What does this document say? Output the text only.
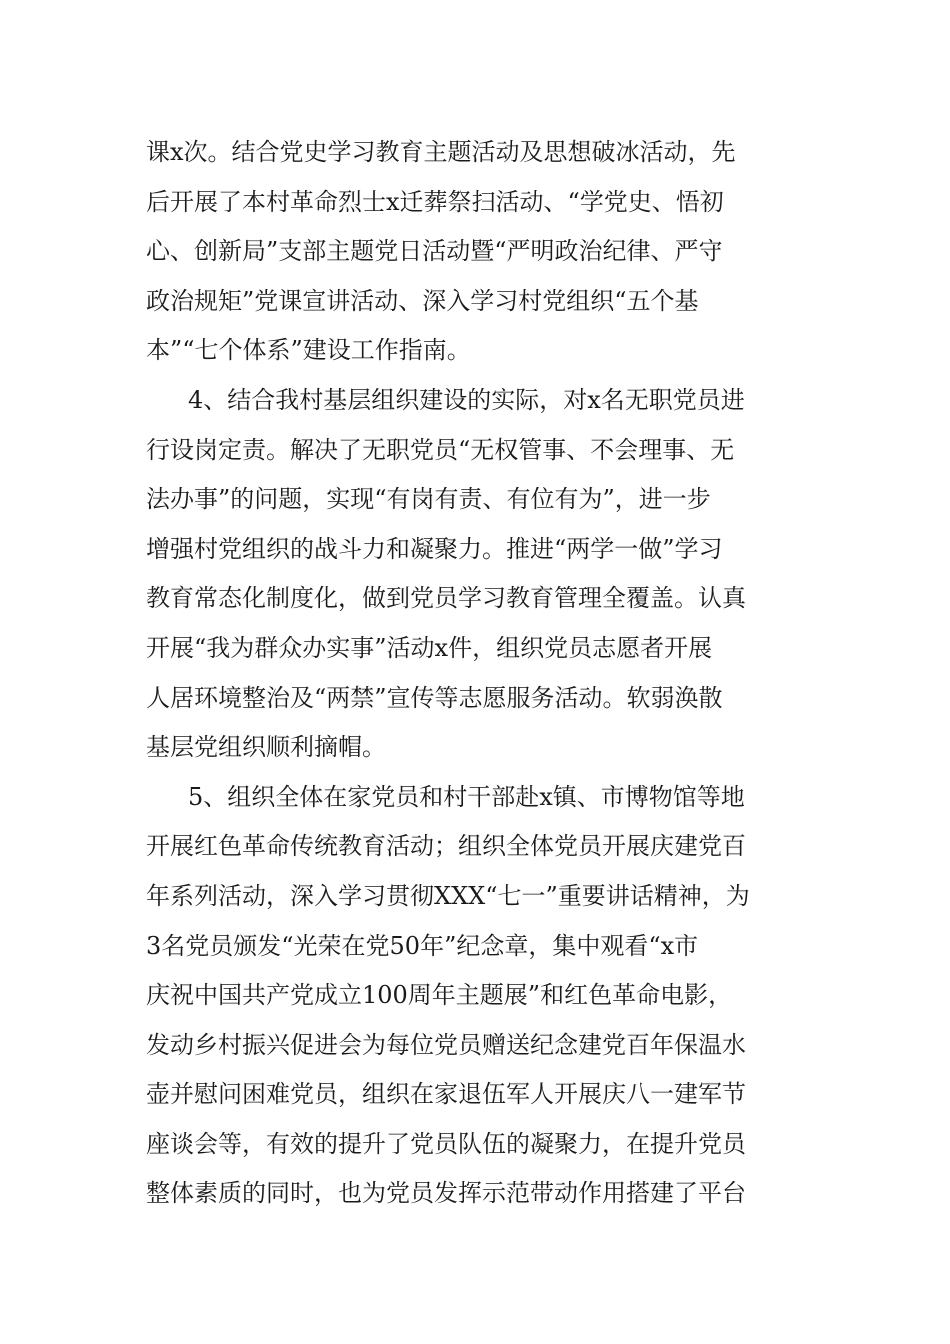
课x次。结合党史学习教育主题活动及思想破冰活动，先
后开展了本村革命烈士x迁葬祭扫活动、“学党史、悟初
心、创新局”支部主题党日活动暨“严明政治纪律、严守
政治规矩”党课宣讲活动、深入学习村党组织“五个基
本”“七个体系”建设工作指南。
4、结合我村基层组织建设的实际，对x名无职党员进
行设岗定责。解决了无职党员“无权管事、不会理事、无
法办事”的问题，实现“有岗有责、有位有为”，进一步
增强村党组织的战斗力和凝聚力。推进“两学一做”学习
教育常态化制度化，做到党员学习教育管理全覆盖。认真
开展“我为群众办实事”活动x件，组织党员志愿者开展
人居环境整治及“两禁”宣传等志愿服务活动。软弱涣散
基层党组织顺利摘帽。
5、组织全体在家党员和村干部赴x镇、市博物馆等地
开展红色革命传统教育活动；组织全体党员开展庆建党百
年系列活动，深入学习贯彻XXX“七一”重要讲话精神，为
3名党员颁发“光荣在党50年”纪念章，集中观看“x市
庆祝中国共产党成立100周年主题展”和红色革命电影，
发动乡村振兴促进会为每位党员赠送纪念建党百年保温水
壶并慰问困难党员，组织在家退伍军人开展庆八一建军节
座谈会等，有效的提升了党员队伍的凝聚力，在提升党员
整体素质的同时，也为党员发挥示范带动作用搭建了平台
